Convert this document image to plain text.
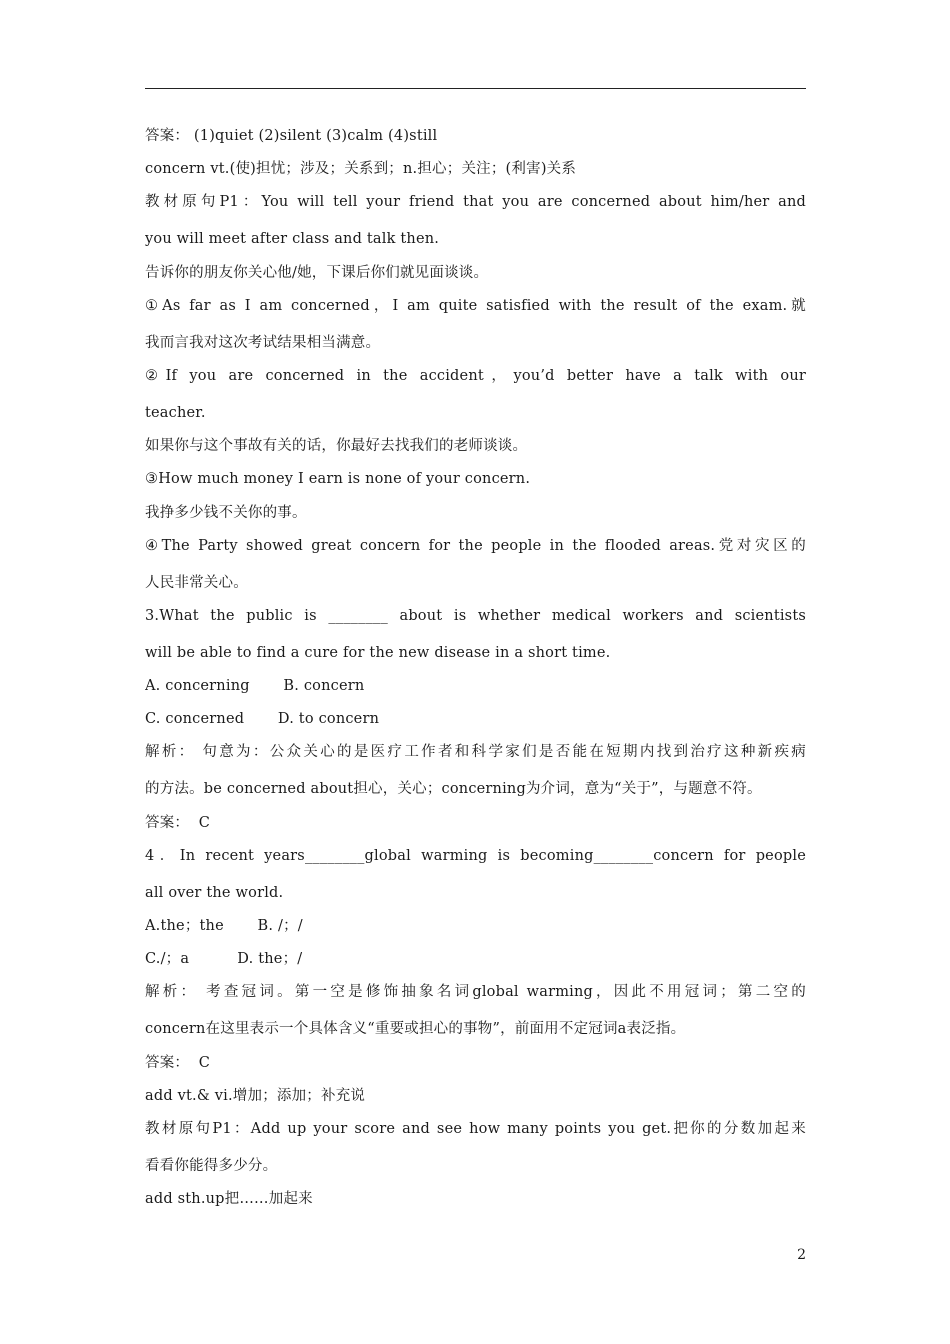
答案： (1)quiet (2)silent (3)calm (4)still
concern vt.(使)担忧；涉及；关系到；n.担心；关注；(利害)关系
教材原句P1：You will tell your friend that you are concerned about him/her and
you will meet after class and talk then.
告诉你的朋友你关心他/她，下课后你们就见面谈谈。
①As far as I am concerned，I am quite satisfied with the result of the exam.就
我而言我对这次考试结果相当满意。
②If you are concerned in the accident，you’d better have a talk with our
teacher.
如果你与这个事故有关的话，你最好去找我们的老师谈谈。
③How much money I earn is none of your concern.
我挣多少钱不关你的事。
④The Party showed great concern for the people in the flooded areas.党对灾区的
人民非常关心。
3.What the public is ________ about is whether medical workers and scientists
will be able to find a cure for the new disease in a short time.
A. concerning       B. concern
C. concerned       D. to concern
解析： 句意为：公众关心的是医疗工作者和科学家们是否能在短期内找到治疗这种新疾病
的方法。be concerned about担心，关心；concerning为介词，意为“关于”，与题意不符。
答案：  C
4．In recent years________global warming is becoming________concern for people
all over the world.
A.the；the       B. /；/
C./；a          D. the；/
解析： 考查冠词。第一空是修饰抽象名词global warming，因此不用冠词；第二空的
concern在这里表示一个具体含义“重要或担心的事物”，前面用不定冠词a表泛指。
答案：  C
add vt.& vi.增加；添加；补充说
教材原句P1：Add up your score and see how many points you get.把你的分数加起来
看看你能得多少分。
add sth.up把……加起来
2
